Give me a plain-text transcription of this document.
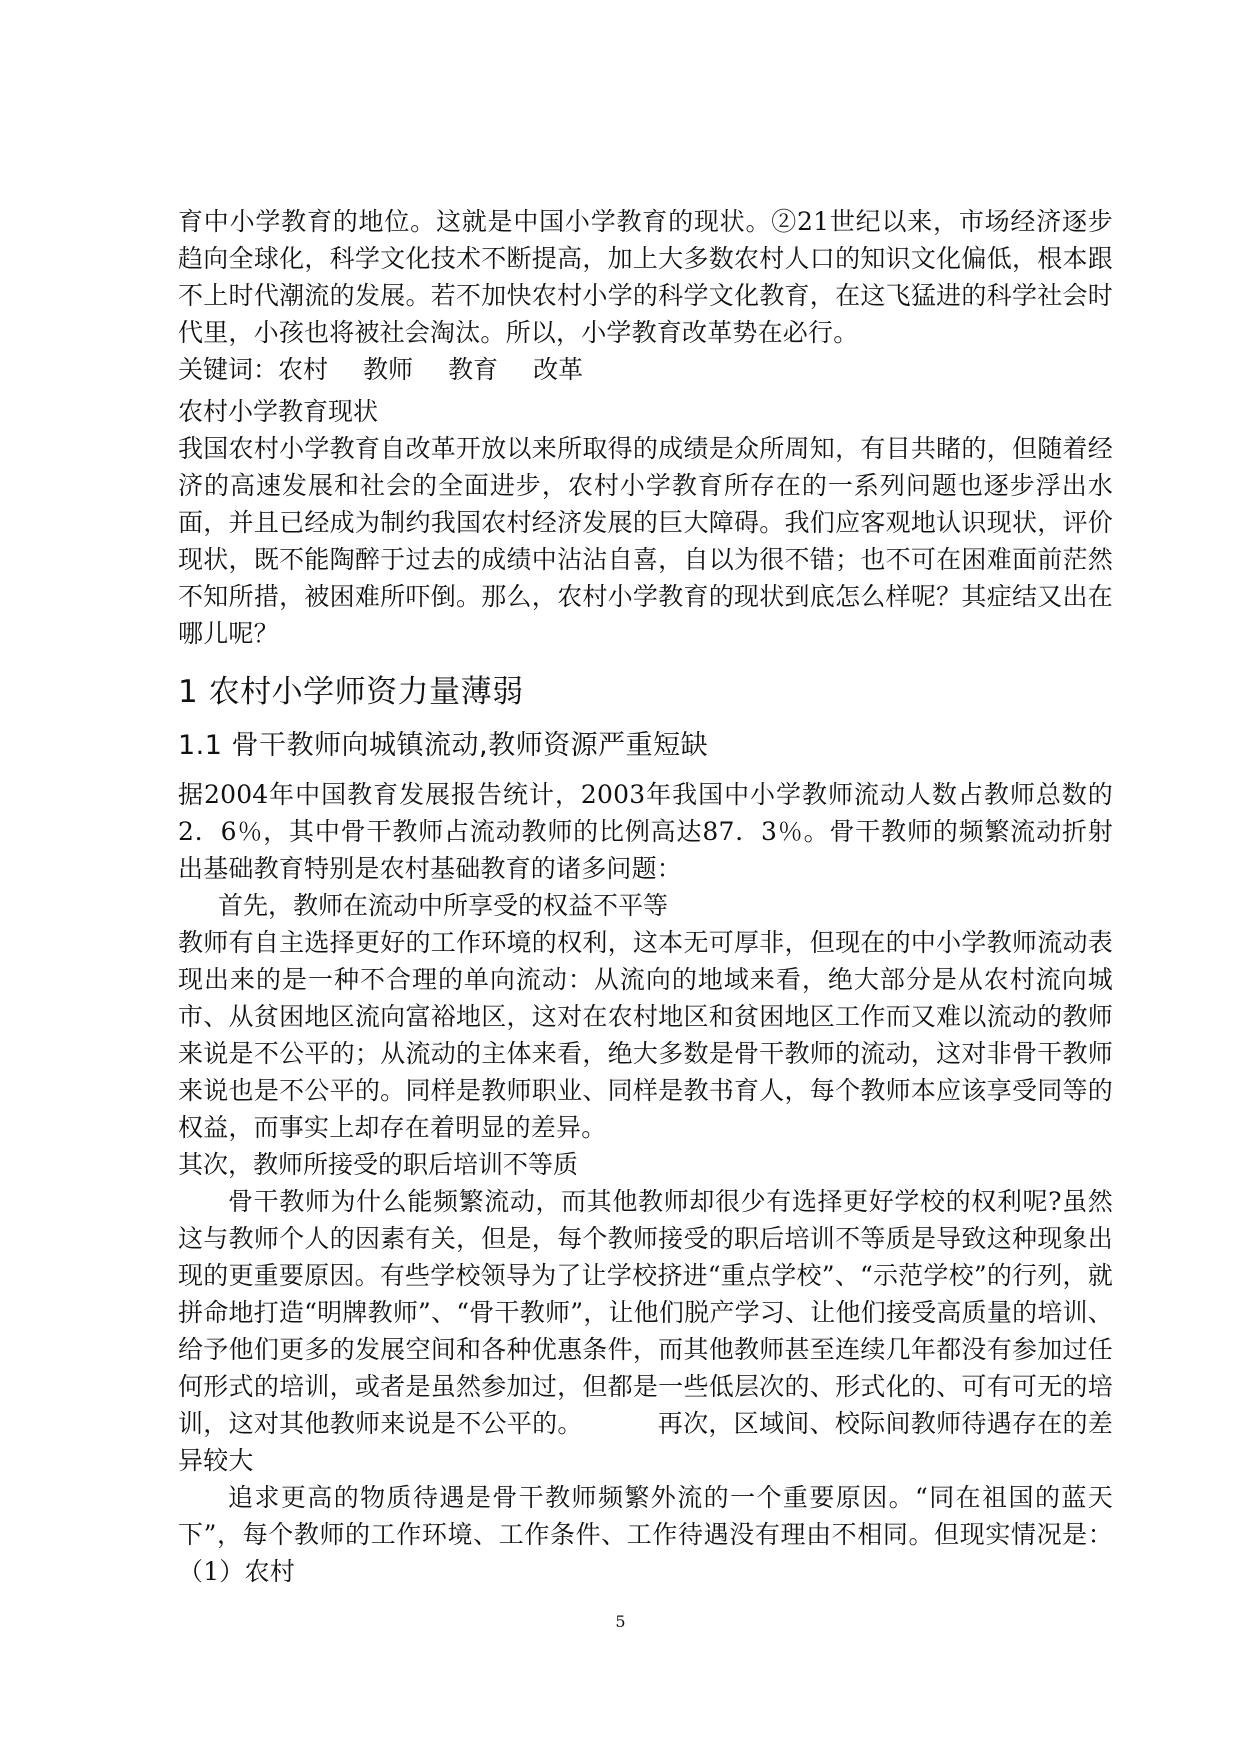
育中小学教育的地位。这就是中国小学教育的现状。②21世纪以来，市场经济逐步趋向全球化，科学文化技术不断提高，加上大多数农村人口的知识文化偏低，根本跟不上时代潮流的发展。若不加快农村小学的科学文化教育，在这飞猛进的科学社会时代里，小孩也将被社会淘汰。所以，小学教育改革势在必行。

关键词：农村 教师 教育 改革

农村小学教育现状

我国农村小学教育自改革开放以来所取得的成绩是众所周知，有目共睹的，但随着经济的高速发展和社会的全面进步，农村小学教育所存在的一系列问题也逐步浮出水面，并且已经成为制约我国农村经济发展的巨大障碍。我们应客观地认识现状，评价现状，既不能陶醉于过去的成绩中沾沾自喜，自以为很不错；也不可在困难面前茫然不知所措，被困难所吓倒。那么，农村小学教育的现状到底怎么样呢？其症结又出在哪儿呢？

1 农村小学师资力量薄弱
1.1 骨干教师向城镇流动,教师资源严重短缺

据2004年中国教育发展报告统计，2003年我国中小学教师流动人数占教师总数的2．6％，其中骨干教师占流动教师的比例高达87．3％。骨干教师的频繁流动折射出基础教育特别是农村基础教育的诸多问题：

首先，教师在流动中所享受的权益不平等

教师有自主选择更好的工作环境的权利，这本无可厚非，但现在的中小学教师流动表现出来的是一种不合理的单向流动：从流向的地域来看，绝大部分是从农村流向城市、从贫困地区流向富裕地区，这对在农村地区和贫困地区工作而又难以流动的教师来说是不公平的；从流动的主体来看，绝大多数是骨干教师的流动，这对非骨干教师来说也是不公平的。同样是教师职业、同样是教书育人，每个教师本应该享受同等的权益，而事实上却存在着明显的差异。

其次，教师所接受的职后培训不等质

骨干教师为什么能频繁流动，而其他教师却很少有选择更好学校的权利呢?虽然这与教师个人的因素有关，但是，每个教师接受的职后培训不等质是导致这种现象出现的更重要原因。有些学校领导为了让学校挤进“重点学校”、“示范学校”的行列，就拼命地打造“明牌教师”、“骨干教师”，让他们脱产学习、让他们接受高质量的培训、给予他们更多的发展空间和各种优惠条件，而其他教师甚至连续几年都没有参加过任何形式的培训，或者是虽然参加过，但都是一些低层次的、形式化的、可有可无的培训，这对其他教师来说是不公平的。	再次，区域间、校际间教师待遇存在的差异较大

追求更高的物质待遇是骨干教师频繁外流的一个重要原因。“同在祖国的蓝天下”，每个教师的工作环境、工作条件、工作待遇没有理由不相同。但现实情况是：（1）农村

5
